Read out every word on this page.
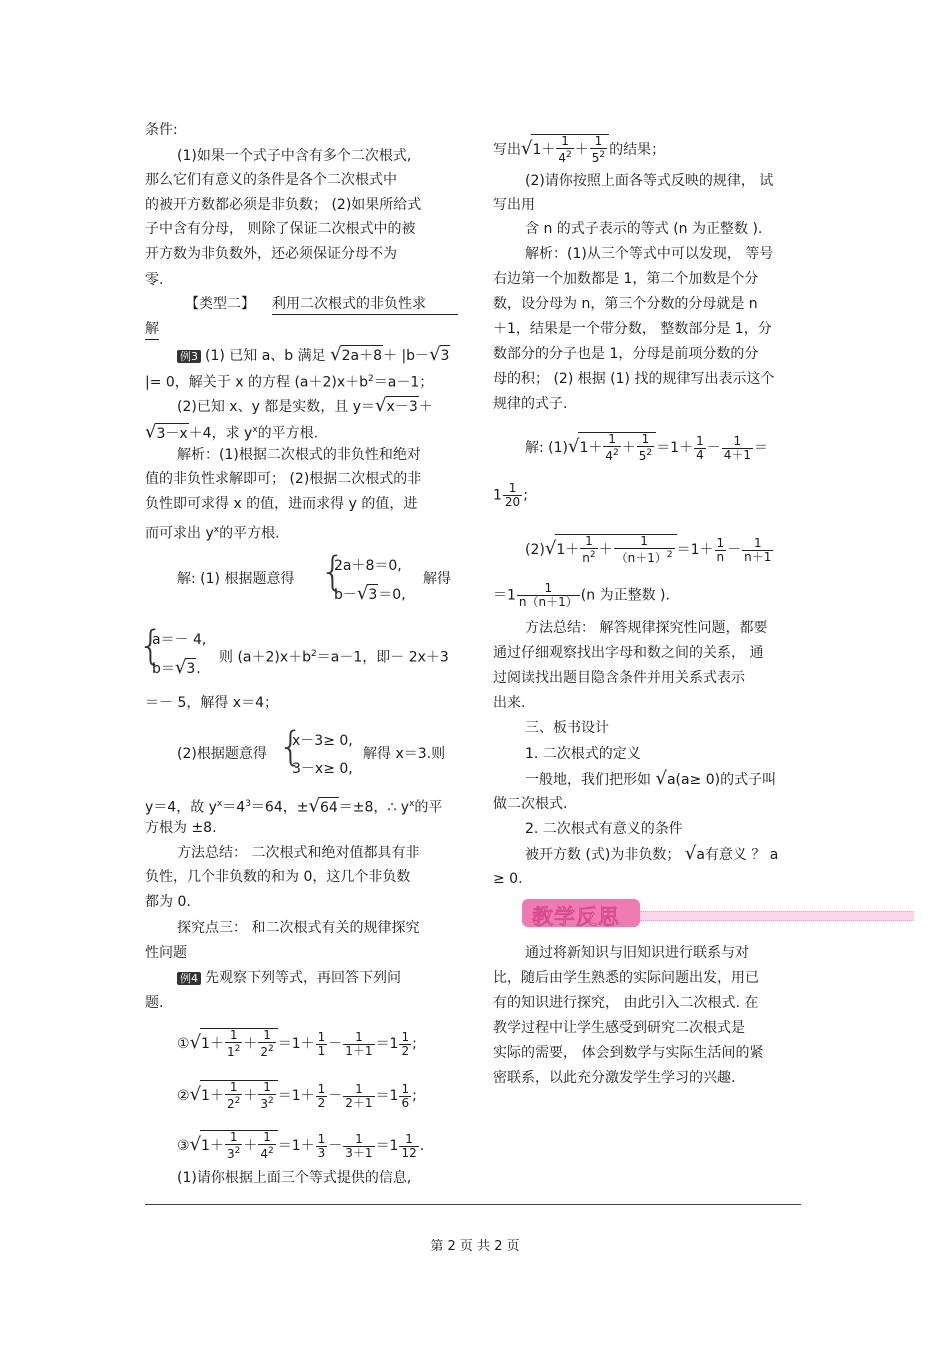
条件:
(1)如果一个式子中含有多个二次根式,
那么它们有意义的条件是各个二次根式中
的被开方数都必须是非负数； (2)如果所给式
子中含有分母， 则除了保证二次根式中的被
开方数为非负数外，还必须保证分母不为
零.
【类型二】 利用二次根式的非负性求
解
例3 (1) 已知 a、b 满足 √2a＋8＋ |b－√3
|= 0，解关于 x 的方程 $(a+2)x+b^2=a-1$；
(2)已知 x、y 都是实数，且 y＝√x－3＋
√3－x＋4，求 $y^x$的平方根.
解析：(1)根据二次根式的非负性和绝对
值的非负性求解即可； (2)根据二次根式的非
负性即可求得 x 的值，进而求得 y 的值，进
而可求出 $y^x$的平方根.
解: (1) 根据题意得 {
2a＋8＝0,
b－√3＝0,
解得
{
a＝－ 4,
b＝√3.
则 $(a+2)x+b^2=a-1$，即－ 2x＋3
＝－ 5，解得 x＝4；
(2)根据题意得 {
x－3≥ 0,
3－x≥ 0,
解得 x＝3.则
y＝4，故 $y^x=4^3=64$，±√64＝±8，∴ $y^x$的平
方根为 ±8.
方法总结： 二次根式和绝对值都具有非
负性，几个非负数的和为 0，这几个非负数
都为 0.
探究点三： 和二次根式有关的规律探究
性问题
例4 先观察下列等式，再回答下列问
题.
①√1＋ $\frac{1}{1^2} + \frac{1}{2^2} =1+ \frac{1}{1} - \frac{1}{1+1} =1 \frac{1}{2}$ ;
②√1＋ $\frac{1}{2^2} + \frac{1}{3^2} =1+ \frac{1}{2} - \frac{1}{2+1} =1 \frac{1}{6}$ ;
③√1＋ $\frac{1}{3^2} + \frac{1}{4^2} =1+ \frac{1}{3} - \frac{1}{3+1} =1 \frac{1}{12}$ .
(1)请你根据上面三个等式提供的信息,
写出$√1+ \frac{1}{4^2} + \frac{1}{5^2}$ 的结果；
(2)请你按照上面各等式反映的规律， 试
写出用
含 n 的式子表示的等式 (n 为正整数 ).
解析：(1)从三个等式中可以发现， 等号
右边第一个加数都是 1，第二个加数是个分
数，设分母为 n，第三个分数的分母就是 n
＋1，结果是一个带分数， 整数部分是 1，分
数部分的分子也是 1，分母是前项分数的分
母的积； (2) 根据 (1) 找的规律写出表示这个
规律的式子.
解: $(1)√1+ \frac{1}{4^2} + \frac{1}{5^2} =1+ \frac{1}{4} - \frac{1}{4+1}$ ＝
$1 \frac{1}{20}$ ;
$(2)√1+ \frac{1}{n^2} + \frac{1}{(n+1)^2} =1+ \frac{1}{n} - \frac{1}{n+1}$
$=1 \frac{1}{n(n+1)} (n$ 为正整数 ).
方法总结： 解答规律探究性问题，都要
通过仔细观察找出字母和数之间的关系， 通
过阅读找出题目隐含条件并用关系式表示
出来.
三、板书设计
1. 二次根式的定义
一般地，我们把形如 √a(a≥ 0)的式子叫
做二次根式.
2. 二次根式有意义的条件
被开方数 (式)为非负数； √a有意义 ？ a
≥ 0.
教学反思
通过将新知识与旧知识进行联系与对
比，随后由学生熟悉的实际问题出发，用已
有的知识进行探究， 由此引入二次根式. 在
教学过程中让学生感受到研究二次根式是
实际的需要， 体会到数学与实际生活间的紧
密联系，以此充分激发学生学习的兴趣.
第 2 页 共 2 页
